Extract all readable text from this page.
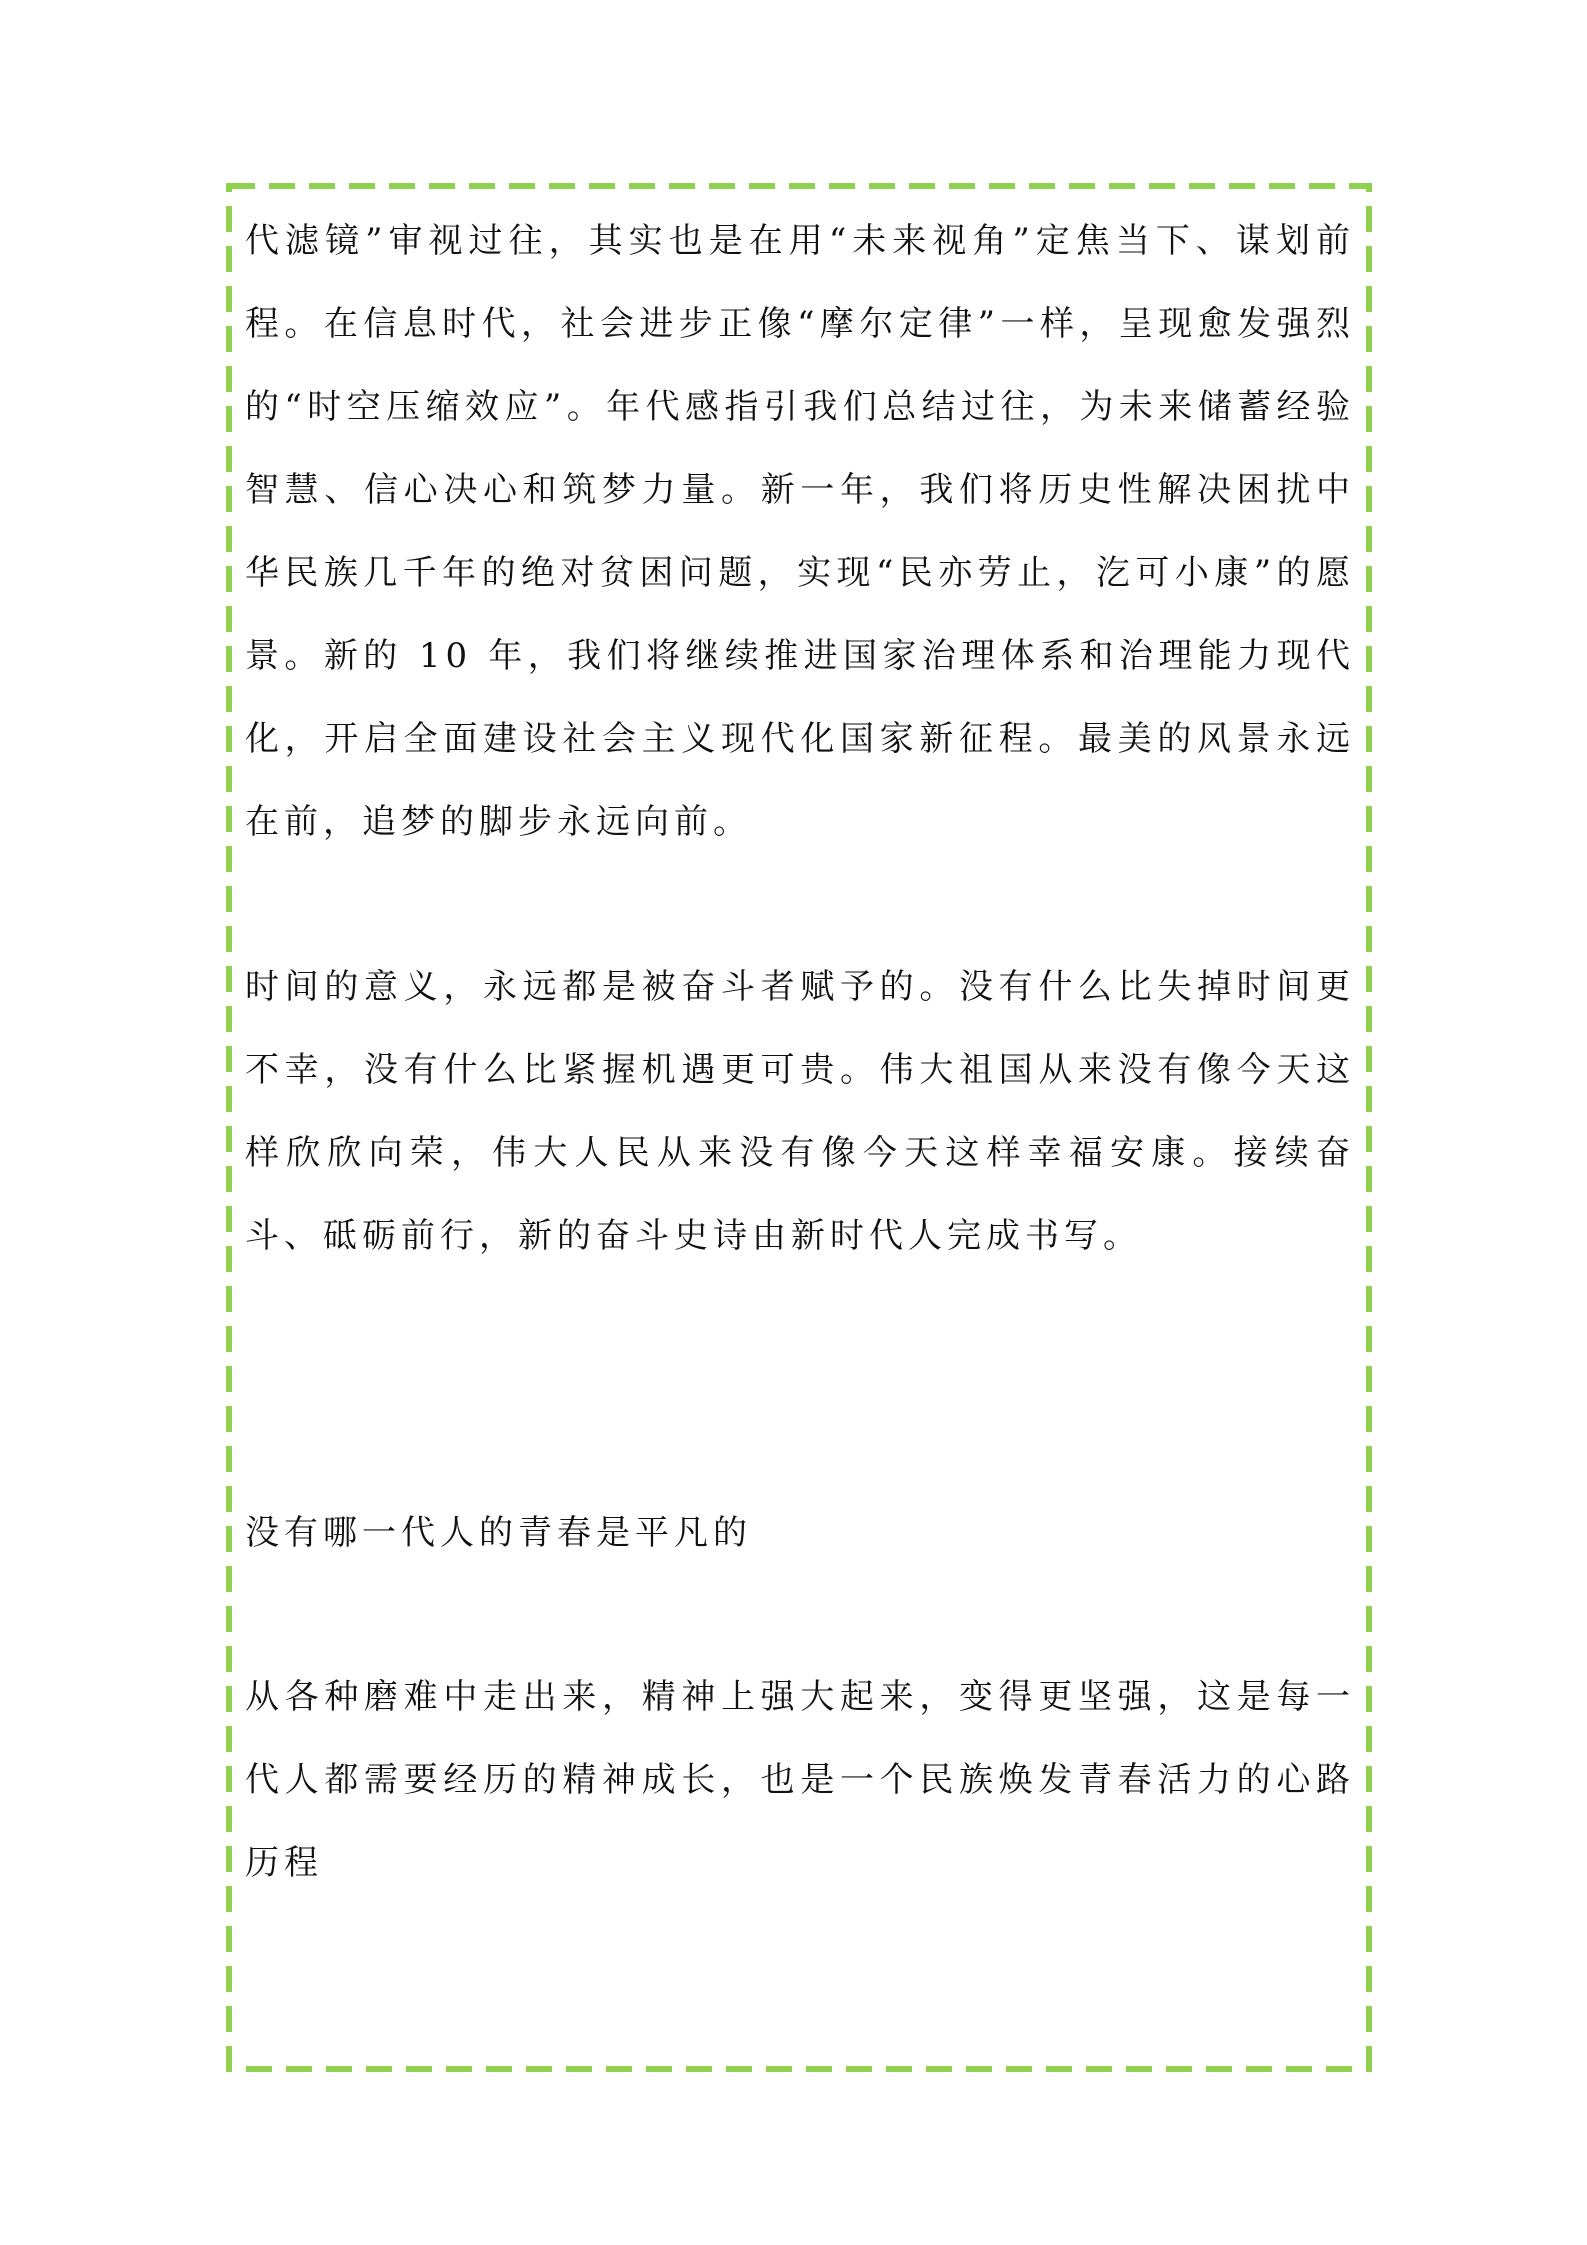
代滤镜”审视过往，其实也是在用“未来视角”定焦当下、谋划前程。在信息时代，社会进步正像“摩尔定律”一样，呈现愈发强烈的“时空压缩效应”。年代感指引我们总结过往，为未来储蓄经验智慧、信心决心和筑梦力量。新一年，我们将历史性解决困扰中华民族几千年的绝对贫困问题，实现“民亦劳止，汔可小康”的愿景。新的 10 年，我们将继续推进国家治理体系和治理能力现代化，开启全面建设社会主义现代化国家新征程。最美的风景永远在前，追梦的脚步永远向前。

时间的意义，永远都是被奋斗者赋予的。没有什么比失掉时间更不幸，没有什么比紧握机遇更可贵。伟大祖国从来没有像今天这样欣欣向荣，伟大人民从来没有像今天这样幸福安康。接续奋斗、砥砺前行，新的奋斗史诗由新时代人完成书写。

没有哪一代人的青春是平凡的

从各种磨难中走出来，精神上强大起来，变得更坚强，这是每一代人都需要经历的精神成长，也是一个民族焕发青春活力的心路历程
